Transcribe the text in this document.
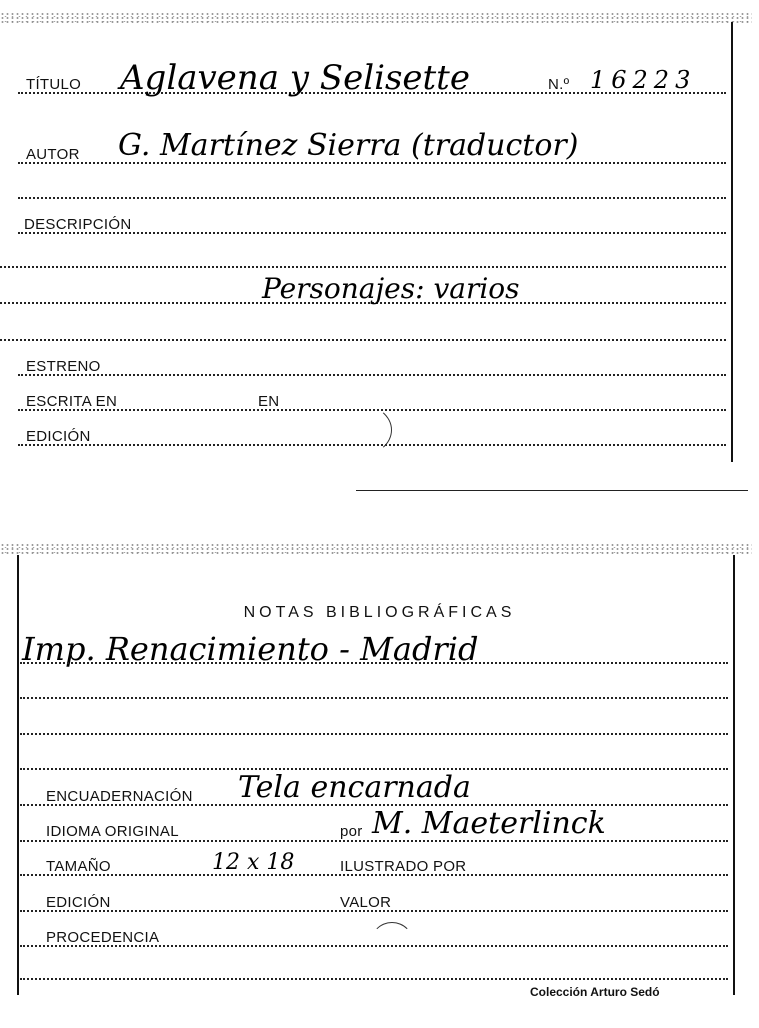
TÍTULO Aglavena y Selisette	N.º 16223
AUTOR G. Martínez Sierra (traductor)
DESCRIPCIÓN
Personajes: varios
ESTRENO
ESCRITA EN	EN
EDICIÓN
NOTAS BIBLIOGRÁFICAS
Imp. Renacimiento - Madrid
ENCUADERNACIÓN Tela encarnada
IDIOMA ORIGINAL	por M. Maeterlinck
TAMAÑO	12 x 18	ILUSTRADO POR
EDICIÓN	VALOR
PROCEDENCIA
Colección Arturo Sedó
